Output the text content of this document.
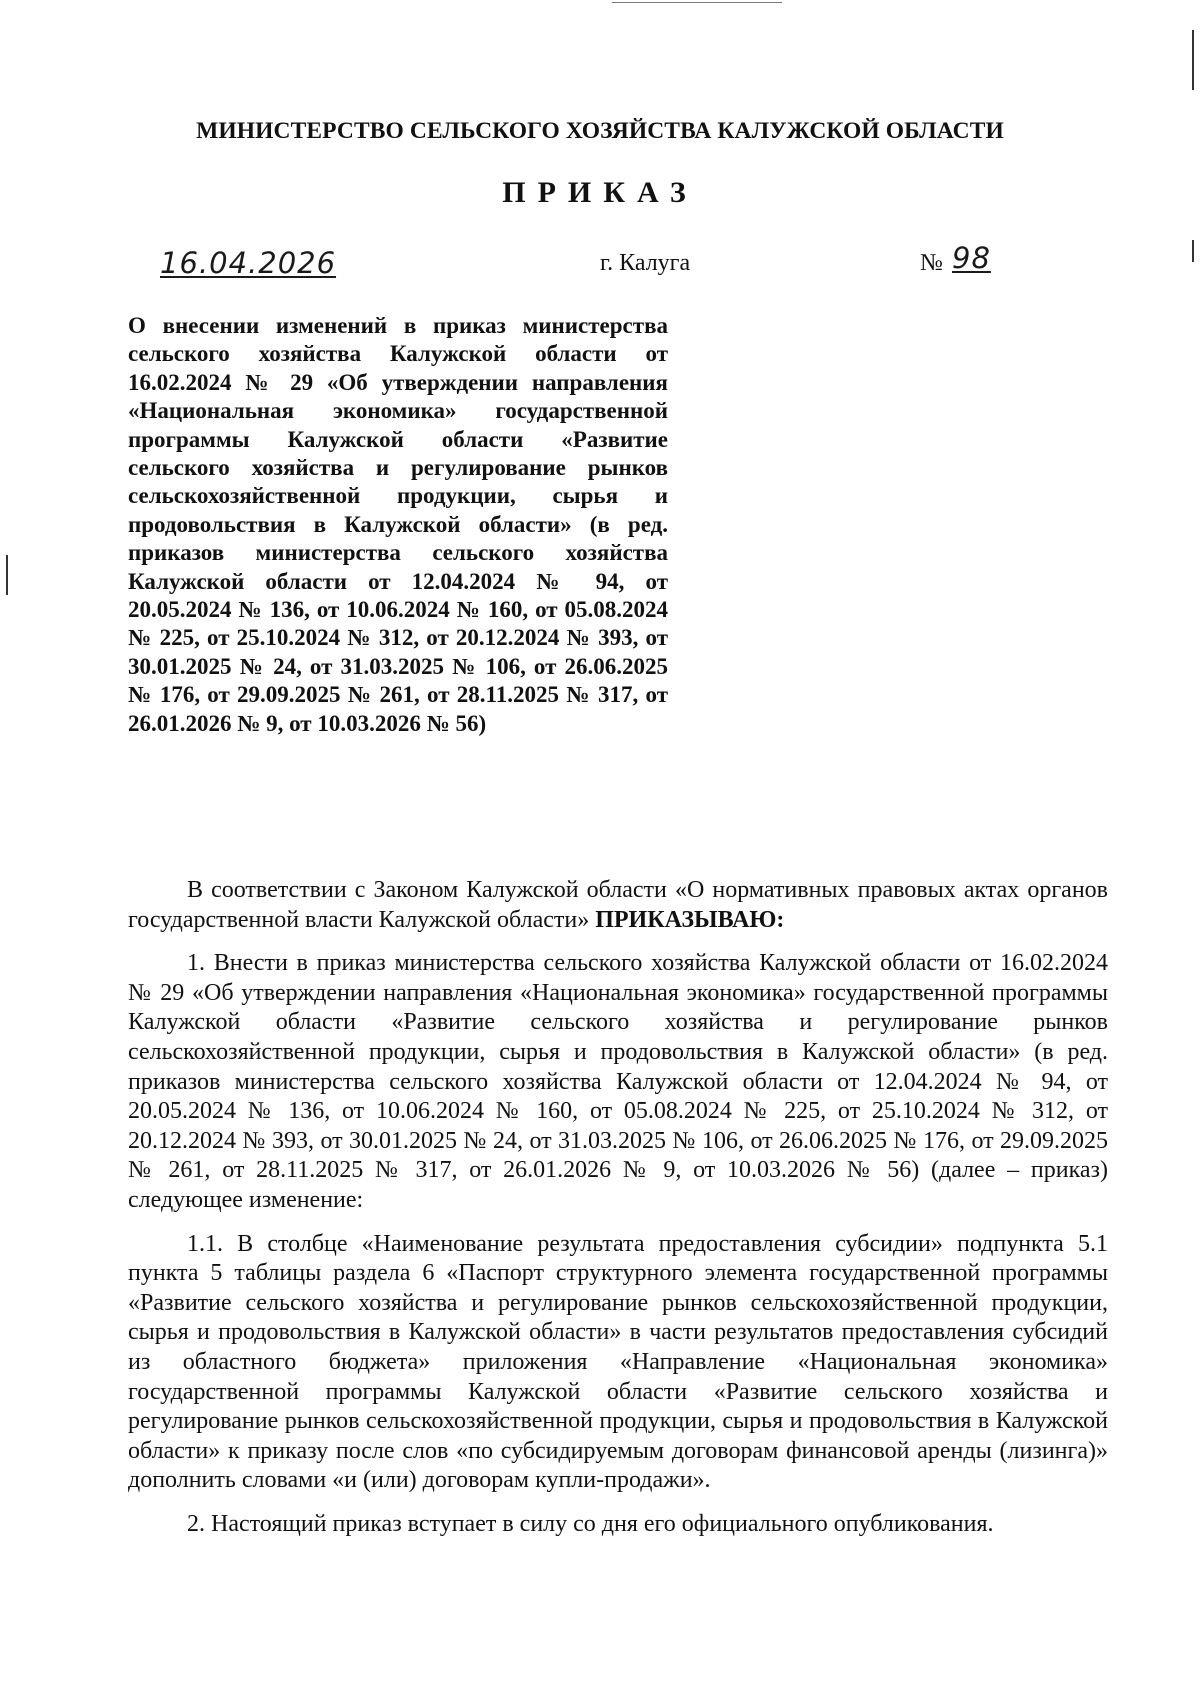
МИНИСТЕРСТВО СЕЛЬСКОГО ХОЗЯЙСТВА КАЛУЖСКОЙ ОБЛАСТИ
ПРИКАЗ
16.04.2026	г. Калуга	№ 98
О внесении изменений в приказ министерства сельского хозяйства Калужской области от 16.02.2024 № 29 «Об утверждении направления «Национальная экономика» государственной программы Калужской области «Развитие сельского хозяйства и регулирование рынков сельскохозяйственной продукции, сырья и продовольствия в Калужской области» (в ред. приказов министерства сельского хозяйства Калужской области от 12.04.2024 № 94, от 20.05.2024 № 136, от 10.06.2024 № 160, от 05.08.2024 № 225, от 25.10.2024 № 312, от 20.12.2024 № 393, от 30.01.2025 № 24, от 31.03.2025 № 106, от 26.06.2025 № 176, от 29.09.2025 № 261, от 28.11.2025 № 317, от 26.01.2026 № 9, от 10.03.2026 № 56)

В соответствии с Законом Калужской области «О нормативных правовых актах органов государственной власти Калужской области» ПРИКАЗЫВАЮ:

1. Внести в приказ министерства сельского хозяйства Калужской области от 16.02.2024 № 29 «Об утверждении направления «Национальная экономика» государственной программы Калужской области «Развитие сельского хозяйства и регулирование рынков сельскохозяйственной продукции, сырья и продовольствия в Калужской области» (в ред. приказов министерства сельского хозяйства Калужской области от 12.04.2024 № 94, от 20.05.2024 № 136, от 10.06.2024 № 160, от 05.08.2024 № 225, от 25.10.2024 № 312, от 20.12.2024 № 393, от 30.01.2025 № 24, от 31.03.2025 № 106, от 26.06.2025 № 176, от 29.09.2025 № 261, от 28.11.2025 № 317, от 26.01.2026 № 9, от 10.03.2026 № 56) (далее – приказ) следующее изменение:

1.1. В столбце «Наименование результата предоставления субсидии» подпункта 5.1 пункта 5 таблицы раздела 6 «Паспорт структурного элемента государственной программы «Развитие сельского хозяйства и регулирование рынков сельскохозяйственной продукции, сырья и продовольствия в Калужской области» в части результатов предоставления субсидий из областного бюджета» приложения «Направление «Национальная экономика» государственной программы Калужской области «Развитие сельского хозяйства и регулирование рынков сельскохозяйственной продукции, сырья и продовольствия в Калужской области» к приказу после слов «по субсидируемым договорам финансовой аренды (лизинга)» дополнить словами «и (или) договорам купли-продажи».

2. Настоящий приказ вступает в силу со дня его официального опубликования.
